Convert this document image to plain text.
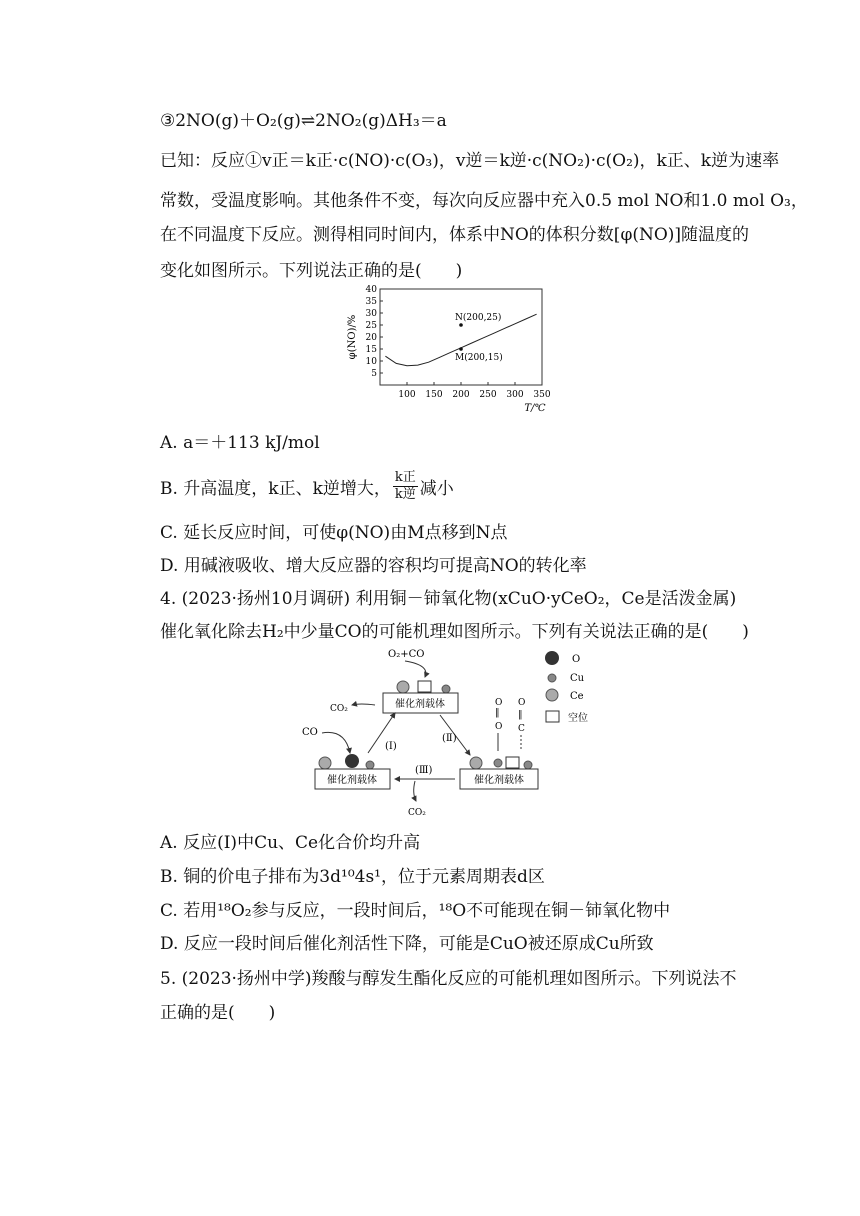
③2NO(g)＋O₂(g)⇌2NO₂(g)ΔH₃＝a
已知：反应①v正＝k正·c(NO)·c(O₃)，v逆＝k逆·c(NO₂)·c(O₂)，k正、k逆为速率
常数，受温度影响。其他条件不变，每次向反应器中充入0.5 mol NO和1.0 mol O₃，
在不同温度下反应。测得相同时间内，体系中NO的体积分数[φ(NO)]随温度的
变化如图所示。下列说法正确的是(　　)
100 150 200 250 300 350
5
10
15
20
25
30
35
40
N(200,25)
M(200,15)
φ(NO)/%
T/℃
A. a＝＋113 kJ/mol
B. 升高温度，k正、k逆增大，
k正
k逆 减小
C. 延长反应时间，可使φ(NO)由M点移到N点
D. 用碱液吸收、增大反应器的容积均可提高NO的转化率
4. (2023·扬州10月调研) 利用铜－铈氧化物(xCuO·yCeO₂，Ce是活泼金属)
催化氧化除去H₂中少量CO的可能机理如图所示。下列有关说法正确的是(　　)
O₂+CO
催化剂载体
CO₂
CO
催化剂载体
(Ⅰ)
(Ⅱ)
O
‖
O
O
‖
C
催化剂载体
(Ⅲ)
CO₂
O
Cu
Ce
空位
A. 反应(Ⅰ)中Cu、Ce化合价均升高
B. 铜的价电子排布为3d¹⁰4s¹，位于元素周期表d区
C. 若用¹⁸O₂参与反应，一段时间后，¹⁸O不可能现在铜－铈氧化物中
D. 反应一段时间后催化剂活性下降，可能是CuO被还原成Cu所致
5. (2023·扬州中学)羧酸与醇发生酯化反应的可能机理如图所示。下列说法不
正确的是(　　)
